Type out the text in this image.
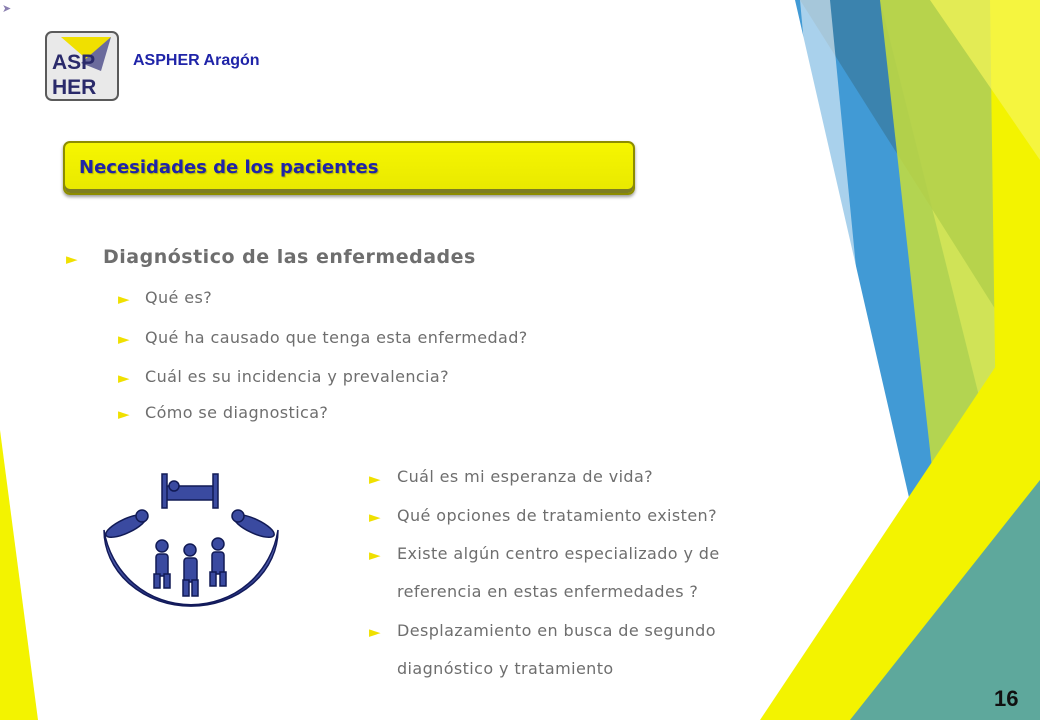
➤
ASP
HER
ASPHER Aragón
Necesidades de los pacientes
► Diagnóstico de las enfermedades
► Qué es?
► Qué ha causado que tenga esta enfermedad?
► Cuál es su incidencia y prevalencia?
► Cómo se diagnostica?
► Cuál es mi esperanza de vida?
► Qué opciones de tratamiento existen?
► Existe algún centro especializado y de
referencia en estas enfermedades ?
► Desplazamiento en busca de segundo
diagnóstico y tratamiento
16
